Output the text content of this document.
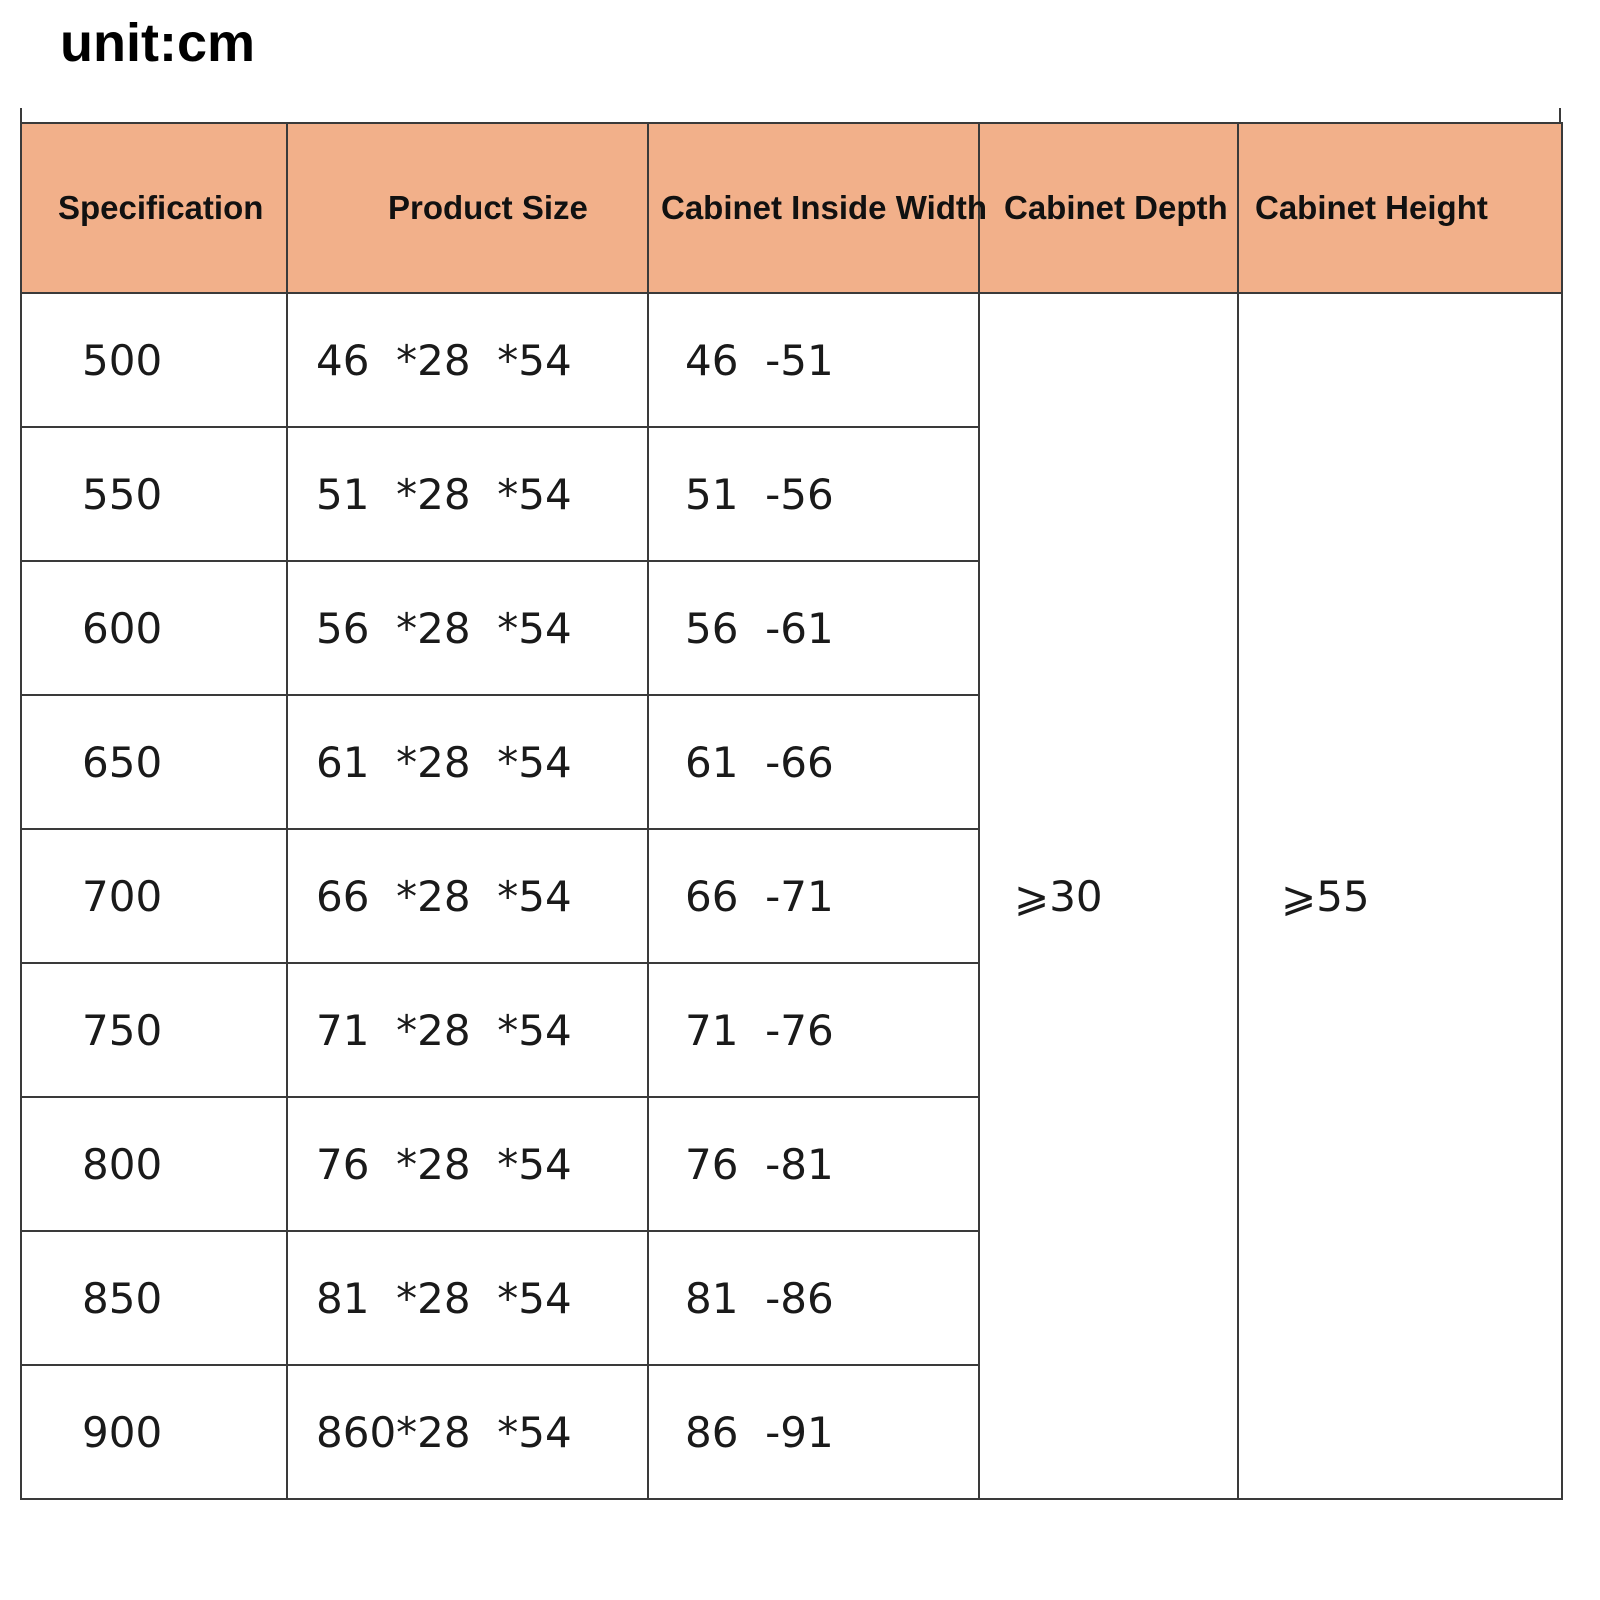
unit:cm
Specification	Product Size	Cabinet Inside Width	Cabinet Depth	Cabinet Height
500	46  *28  *54	46  -51	⩾30	⩾55
550	51  *28  *54	51  -56		
600	56  *28  *54	56  -61		
650	61  *28  *54	61  -66		
700	66  *28  *54	66  -71		
750	71  *28  *54	71  -76		
800	76  *28  *54	76  -81		
850	81  *28  *54	81  -86		
900	860*28  *54	86  -91		
